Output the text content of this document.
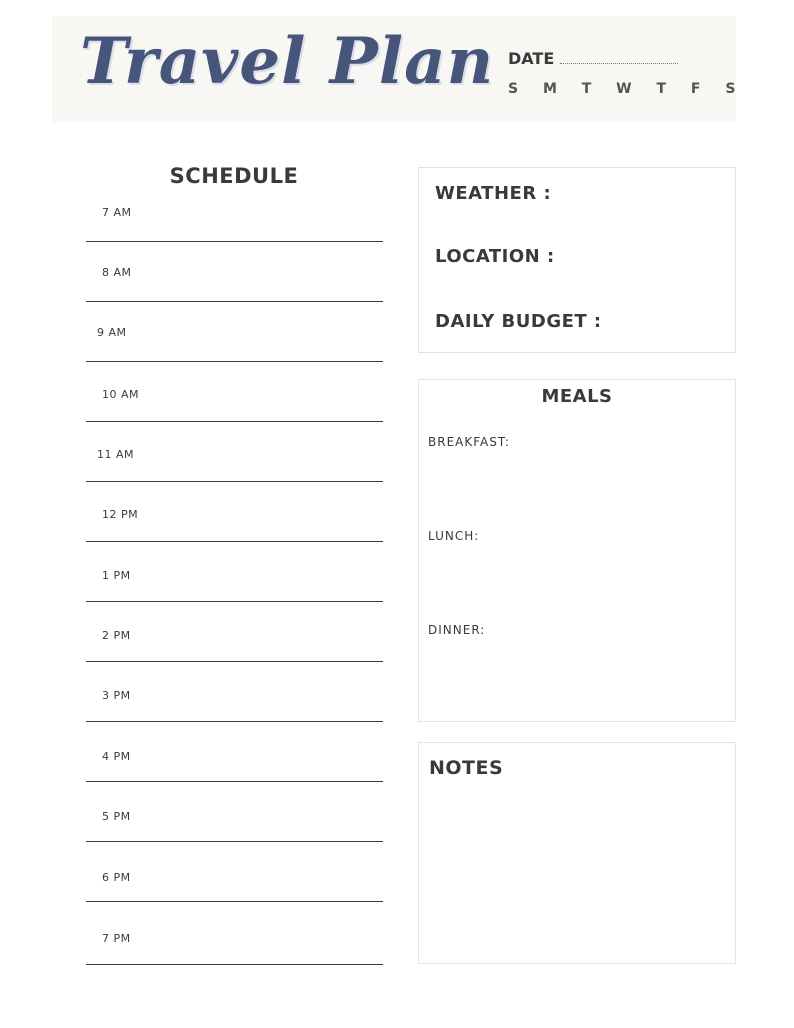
Travel Plan DATE
S M T W T F S
SCHEDULE
7 AM
8 AM
9 AM
10 AM
11 AM
12 PM
1 PM
2 PM
3 PM
4 PM
5 PM
6 PM
7 PM
WEATHER :
LOCATION :
DAILY BUDGET :
MEALS
BREAKFAST:
LUNCH:
DINNER:
NOTES
